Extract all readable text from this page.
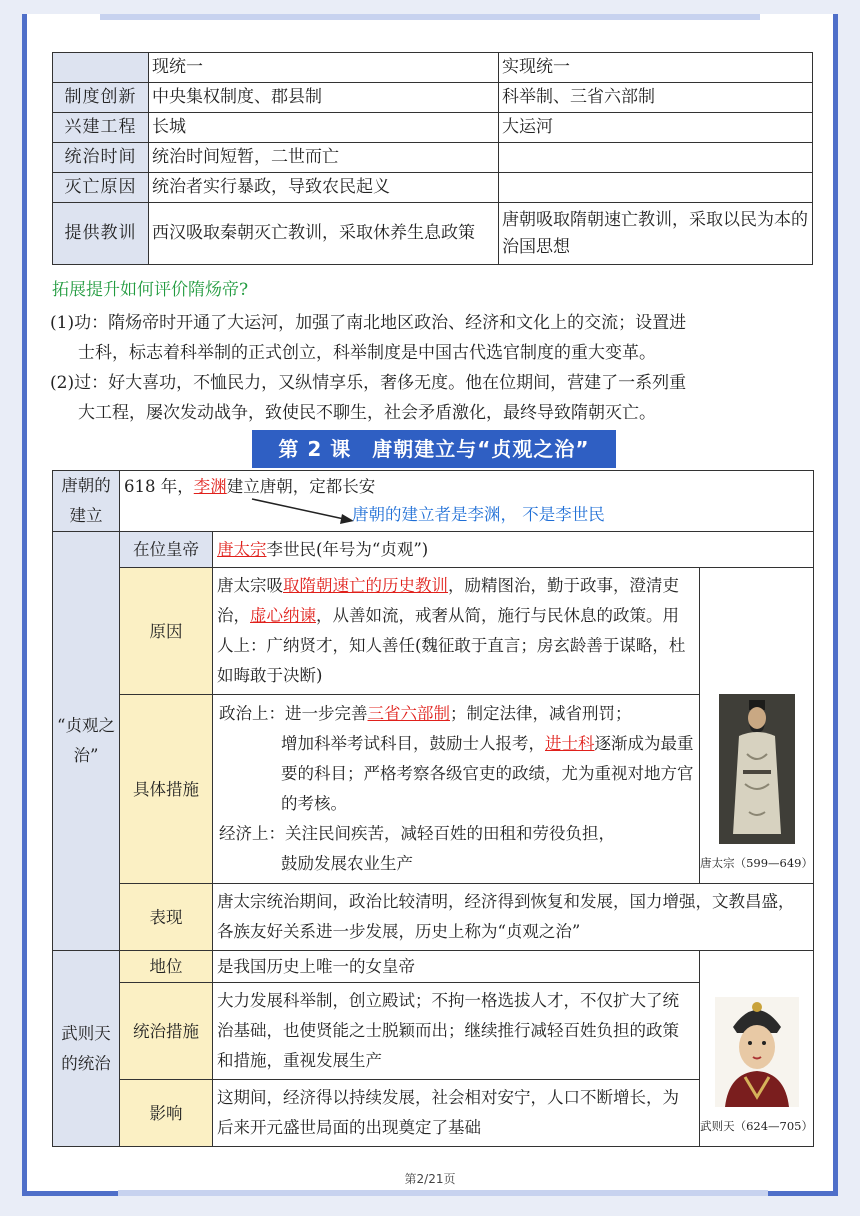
	现统一	实现统一
制度创新	中央集权制度、郡县制	科举制、三省六部制
兴建工程	长城	大运河
统治时间	统治时间短暂，二世而亡	
灭亡原因	统治者实行暴政，导致农民起义	
提供教训	西汉吸取秦朝灭亡教训，采取休养生息政策	唐朝吸取隋朝速亡教训，采取以民为本的治国思想
拓展提升如何评价隋炀帝?
(1)功：隋炀帝时开通了大运河，加强了南北地区政治、经济和文化上的交流；设置进
士科，标志着科举制的正式创立，科举制度是中国古代选官制度的重大变革。
(2)过：好大喜功，不恤民力，又纵情享乐，奢侈无度。他在位期间，营建了一系列重
大工程，屡次发动战争，致使民不聊生，社会矛盾激化，最终导致隋朝灭亡。
第 2 课　唐朝建立与“贞观之治”
唐朝的建立	618 年，李渊建立唐朝，定都长安
唐朝的建立者是李渊， 不是李世民		

“贞观之治”	在位皇帝	唐太宗李世民(年号为“贞观”)	
	原因	唐太宗吸取隋朝速亡的历史教训，励精图治，勤于政事，澄清吏治，虚心纳谏，从善如流，戒奢从简，施行与民休息的政策。用人上：广纳贤才，知人善任(魏征敢于直言；房玄龄善于谋略，杜如晦敢于决断)	唐太宗（599—649）

	具体措施	政治上：进一步完善三省六部制；制定法律，减省刑罚；
增加科举考试科目，鼓励士人报考，进士科逐渐成为最重要的科目；严格考察各级官吏的政绩，尤为重视对地方官的考核。
经济上：关注民间疾苦，减轻百姓的田租和劳役负担，
鼓励发展农业生产	

	表现	唐太宗统治期间，政治比较清明，经济得到恢复和发展，国力增强，文教昌盛，各族友好关系进一步发展，历史上称为“贞观之治”	
武则天的统治	地位	是我国历史上唯一的女皇帝	武则天（624—705）

	统治措施	大力发展科举制，创立殿试；不拘一格选拔人才，不仅扩大了统治基础，也使贤能之士脱颖而出；继续推行减轻百姓负担的政策和措施，重视发展生产	
	影响	这期间，经济得以持续发展，社会相对安宁，人口不断增长，为后来开元盛世局面的出现奠定了基础	
第2/21页
